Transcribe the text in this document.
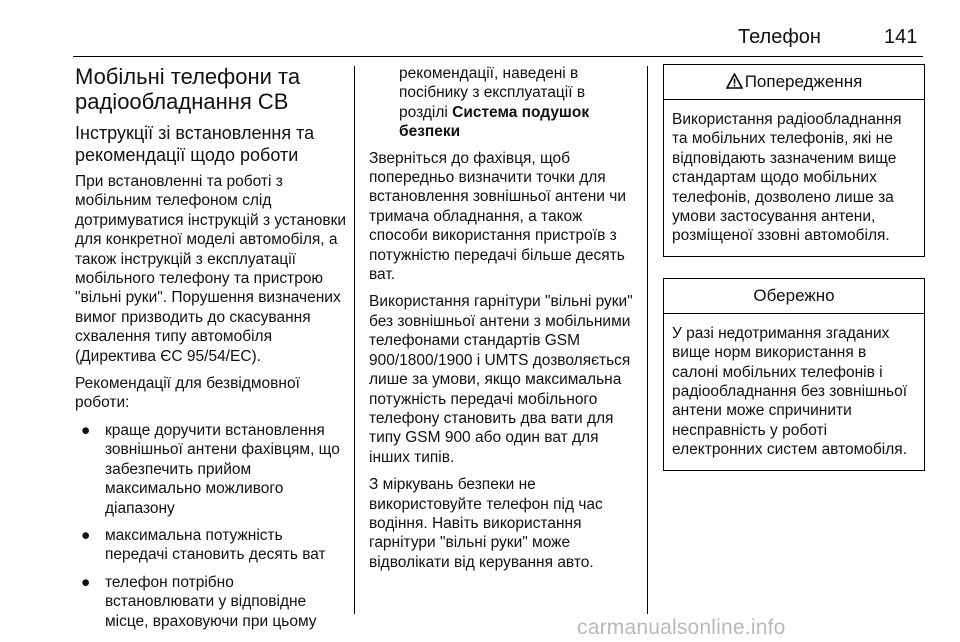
Телефон	141
Мобільні телефони та радіообладнання СВ
Інструкції зі встановлення та рекомендації щодо роботи

При встановленні та роботі з мобільним телефоном слід дотримуватися інструкцій з установки для конкретної моделі автомобіля, а також інструкцій з експлуатації мобільного телефону та пристрою "вільні руки". Порушення визначених вимог призводить до скасування схвалення типу автомобіля (Директива ЄС 95/54/ЕС).

Рекомендації для безвідмовної роботи:

● краще доручити встановлення зовнішньої антени фахівцям, що забезпечить прийом максимально можливого діапазону
● максимальна потужність передачі становить десять ват
● телефон потрібно встановлювати у відповідне місце, враховуючи при цьому

рекомендації, наведені в посібнику з експлуатації в розділі Система подушок безпеки

Зверніться до фахівця, щоб попередньо визначити точки для встановлення зовнішньої антени чи тримача обладнання, а також способи використання пристроїв з потужністю передачі більше десять ват.

Використання гарнітури "вільні руки" без зовнішньої антени з мобільними телефонами стандартів GSM 900/1800/1900 і UMTS дозволяється лише за умови, якщо максимальна потужність передачі мобільного телефону становить два вати для типу GSM 900 або один ват для інших типів.

З міркувань безпеки не використовуйте телефон під час водіння. Навіть використання гарнітури "вільні руки" може відволікати від керування авто.

Попередження
Використання радіообладнання та мобільних телефонів, які не відповідають зазначеним вище стандартам щодо мобільних телефонів, дозволено лише за умови застосування антени, розміщеної ззовні автомобіля.
Обережно
У разі недотримання згаданих вище норм використання в салоні мобільних телефонів і радіообладнання без зовнішньої антени може спричинити несправність у роботі електронних систем автомобіля.
carmanualsonline.info
